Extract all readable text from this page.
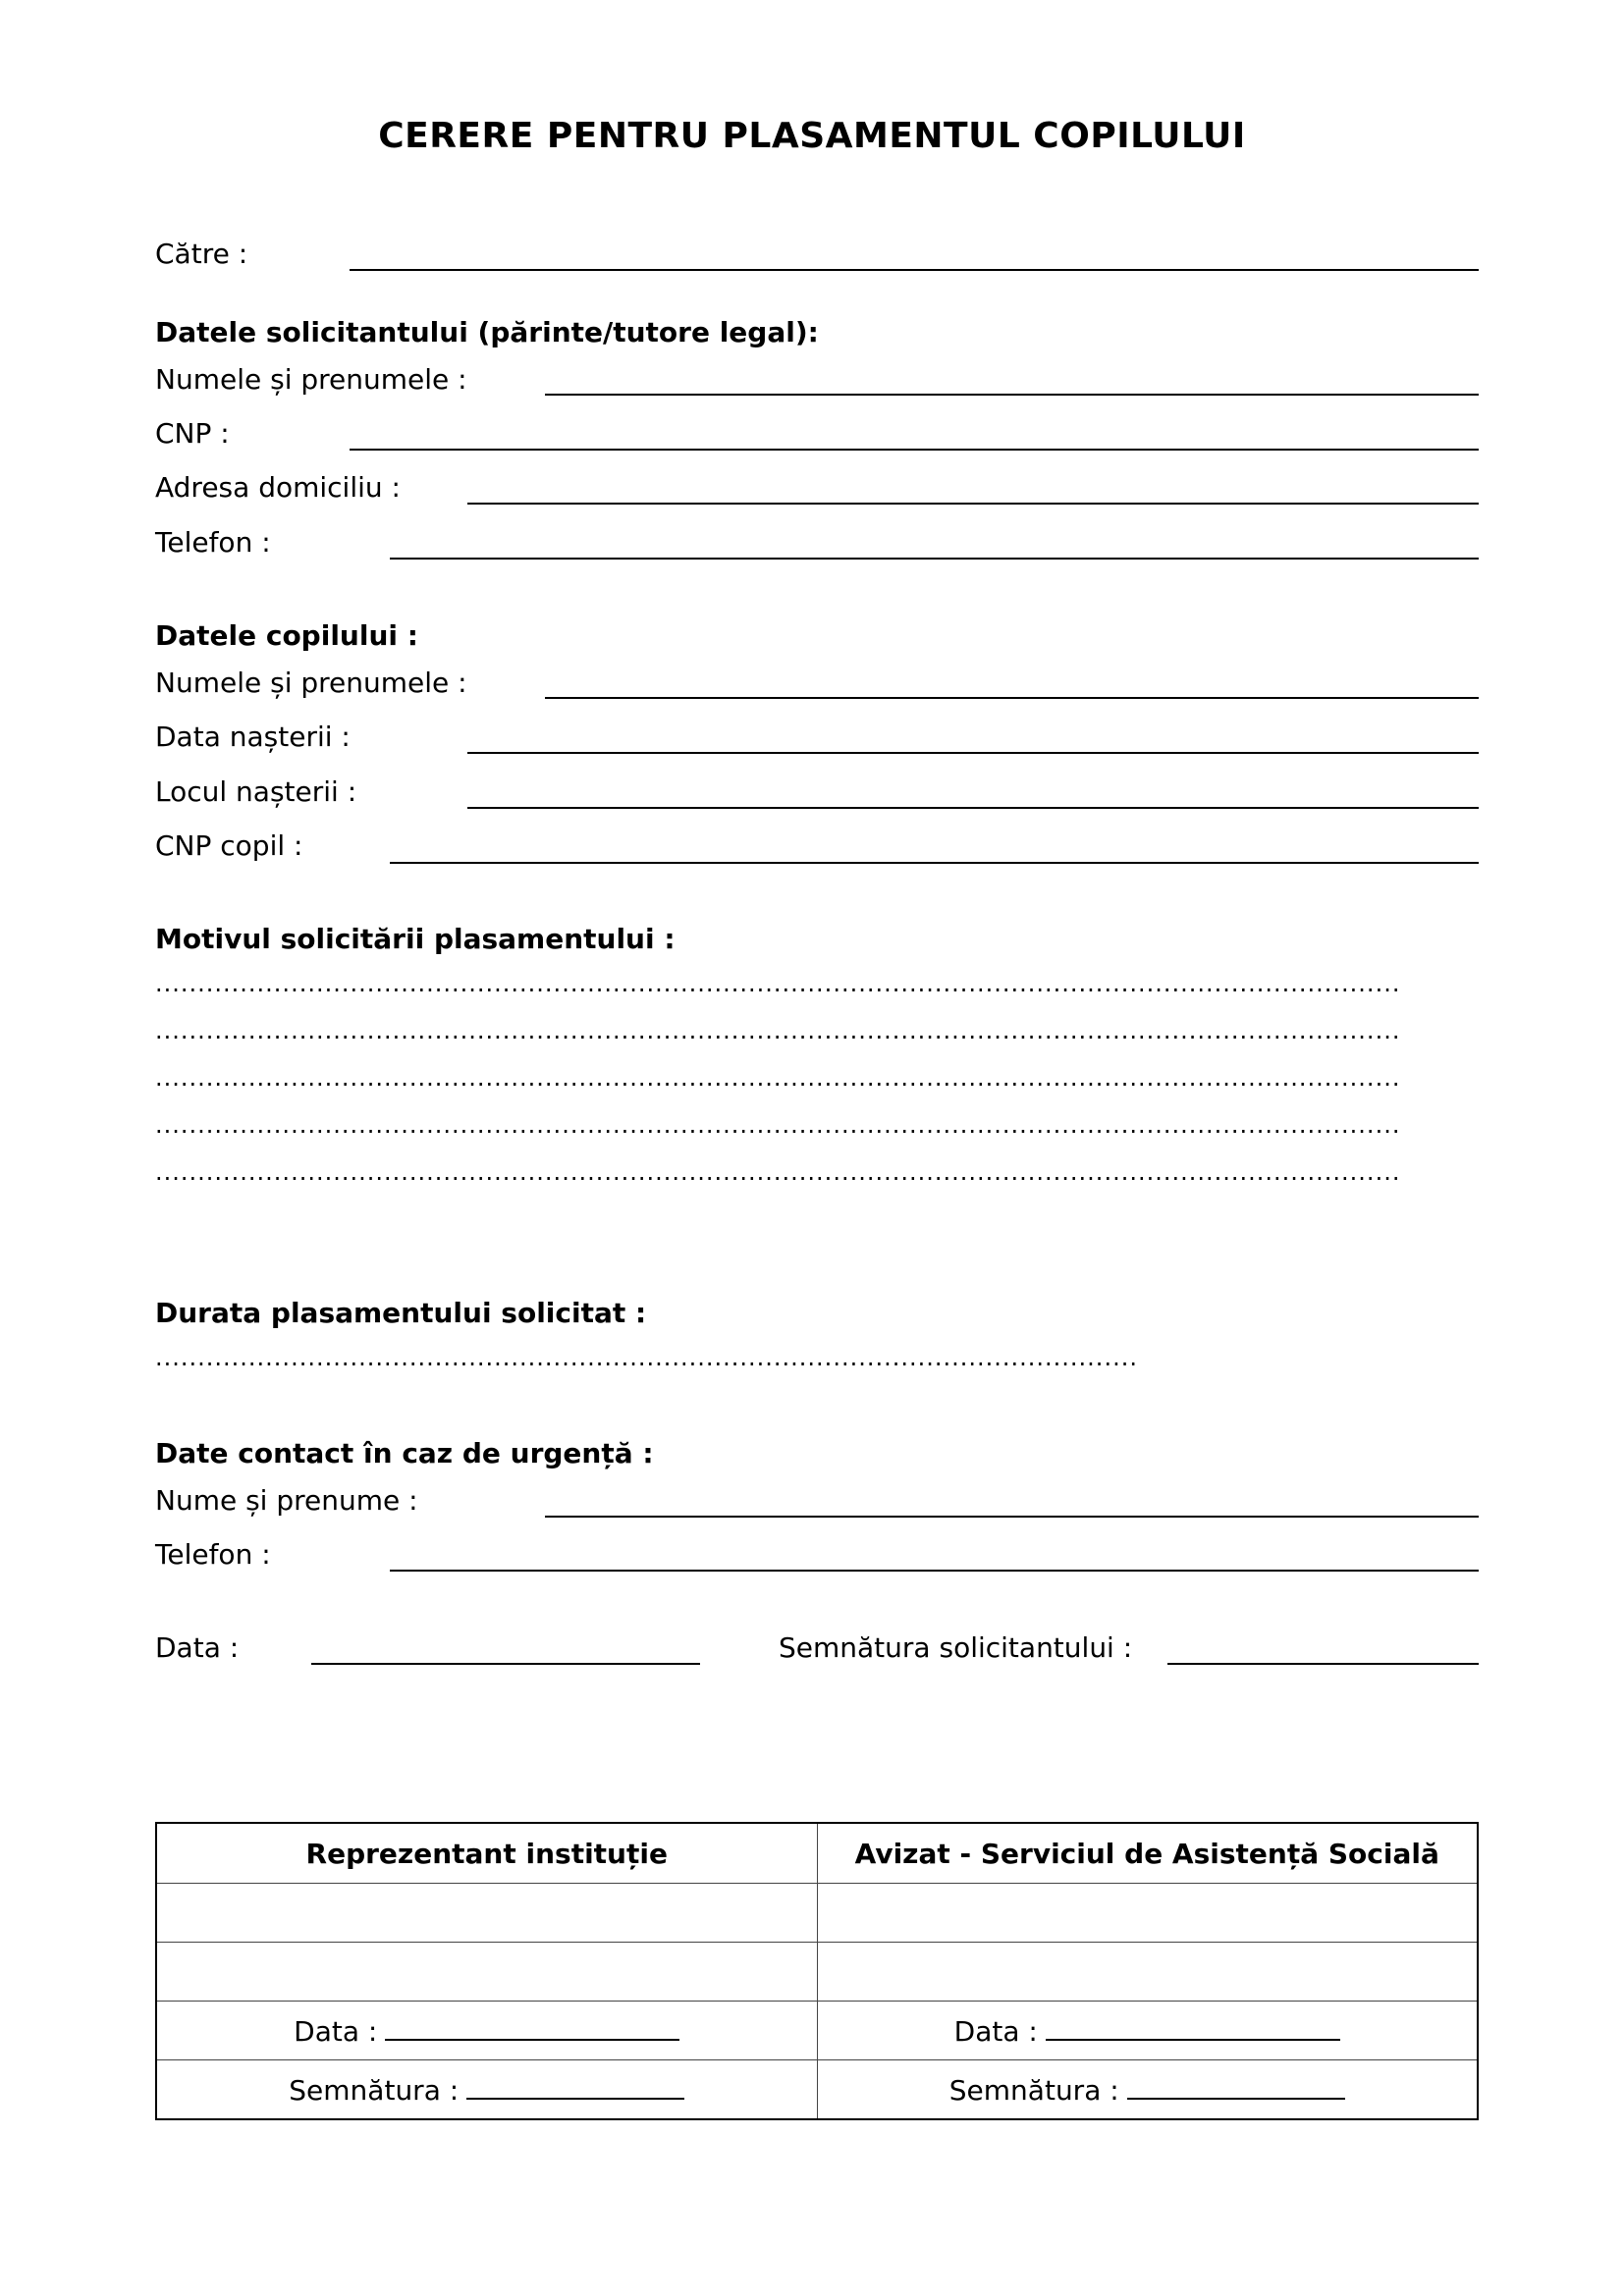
CERERE PENTRU PLASAMENTUL COPILULUI
Către :
Datele solicitantului (părinte/tutore legal):
Numele și prenumele :
CNP :
Adresa domiciliu :
Telefon :
Datele copilului :
Numele și prenumele :
Data nașterii :
Locul nașterii :
CNP copil :
Motivul solicitării plasamentului :
...................................................................................................................................................
...................................................................................................................................................
...................................................................................................................................................
...................................................................................................................................................
...................................................................................................................................................
Durata plasamentului solicitat :
....................................................................................................................
Date contact în caz de urgență :
Nume și prenume :
Telefon :
Data :	Semnătura solicitantului :
Reprezentant instituție	Avizat - Serviciul de Asistență Socială

Data :	Data :
Semnătura :	Semnătura :
